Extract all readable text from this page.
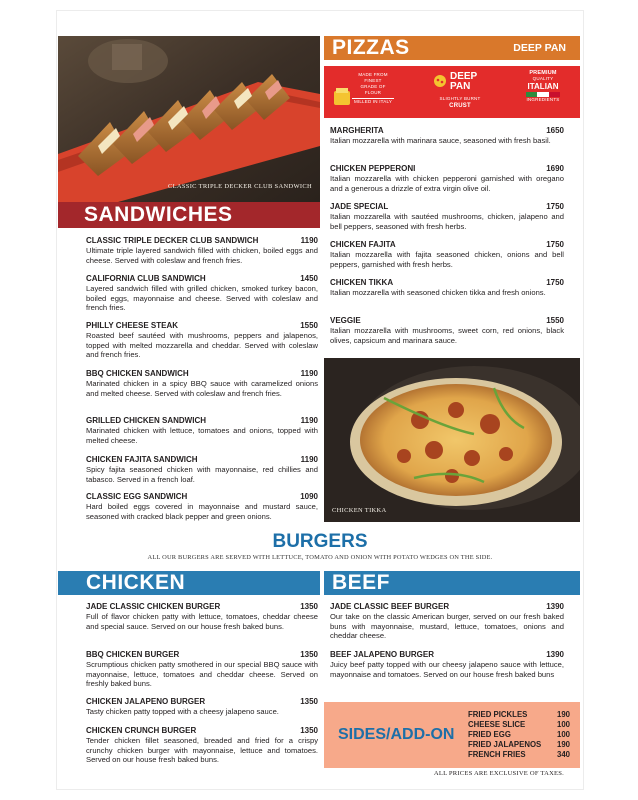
CLASSIC TRIPLE DECKER CLUB SANDWICH
PIZZAS	DEEP PAN
MADE FROM
FINEST
GRADE OF FLOUR
MILLED IN ITALY
DEEP
PAN
SLIGHTLY BURNT
CRUST
PREMIUM
QUALITY
ITALIAN
INGREDIENTS
MARGHERITA	1650
Italian mozzarella with marinara sauce, seasoned with fresh basil.
CHICKEN PEPPERONI	1690
Italian mozzarella with chicken pepperoni garnished with oregano and a generous a drizzle of extra virgin olive oil.
JADE SPECIAL	1750
Italian mozzarella with sautéed mushrooms, chicken, jalapeno and bell peppers, seasoned with fresh herbs.
CHICKEN FAJITA	1750
Italian mozzarella with fajita seasoned chicken, onions and bell peppers, garnished with fresh herbs.
CHICKEN TIKKA	1750
Italian mozzarella with seasoned chicken tikka and fresh onions.
VEGGIE	1550
Italian mozzarella with mushrooms, sweet corn, red onions, black olives, capsicum and marinara sauce.
CHICKEN TIKKA
SANDWICHES
CLASSIC TRIPLE DECKER CLUB SANDWICH	1190
Ultimate triple layered sandwich filled with chicken, boiled eggs and cheese. Served with coleslaw and french fries.
CALIFORNIA CLUB SANDWICH	1450
Layered sandwich filled with grilled chicken, smoked turkey bacon, boiled eggs, mayonnaise and cheese. Served with coleslaw and french fries.
PHILLY CHEESE STEAK	1550
Roasted beef sautéed with mushrooms, peppers and jalapenos, topped with melted mozzarella and cheddar. Served with coleslaw and french fries.
BBQ CHICKEN SANDWICH	1190
Marinated chicken in a spicy BBQ sauce with caramelized onions and melted cheese. Served with coleslaw and french fries.
GRILLED CHICKEN SANDWICH	1190
Marinated chicken with lettuce, tomatoes and onions, topped with melted cheese.
CHICKEN FAJITA SANDWICH	1190
Spicy fajita seasoned chicken with mayonnaise, red chillies and tabasco. Served in a french loaf.
CLASSIC EGG SANDWICH	1090
Hard boiled eggs covered in mayonnaise and mustard sauce, seasoned with cracked black pepper and green onions.
BURGERS
ALL OUR BURGERS ARE SERVED WITH LETTUCE, TOMATO AND ONION WITH POTATO WEDGES ON THE SIDE.
CHICKEN	BEEF
JADE CLASSIC CHICKEN BURGER	1350
Full of flavor chicken patty with lettuce, tomatoes, cheddar cheese and special sauce. Served on our house fresh baked buns.
BBQ CHICKEN BURGER	1350
Scrumptious chicken patty smothered in our special BBQ sauce with mayonnaise, lettuce, tomatoes and cheddar cheese. Served on freshly baked buns.
CHICKEN JALAPENO BURGER	1350
Tasty chicken patty topped with a cheesy jalapeno sauce.
CHICKEN CRUNCH BURGER	1350
Tender chicken fillet seasoned, breaded and fried for a crispy crunchy chicken burger with mayonnaise, lettuce and tomatoes. Served on our house fresh baked buns.
JADE CLASSIC BEEF BURGER	1390
Our take on the classic American burger, served on our fresh baked buns with mayonnaise, mustard, lettuce, tomatoes, onions and cheddar cheese.
BEEF JALAPENO BURGER	1390
Juicy beef patty topped with our cheesy jalapeno sauce with lettuce, mayonnaise and tomatoes. Served on our house fresh baked buns
SIDES/ADD-ON
FRIED PICKLES	190
CHEESE SLICE	100
FRIED EGG	100
FRIED JALAPENOS 190
FRENCH FRIES	340
ALL PRICES ARE EXCLUSIVE OF TAXES.
